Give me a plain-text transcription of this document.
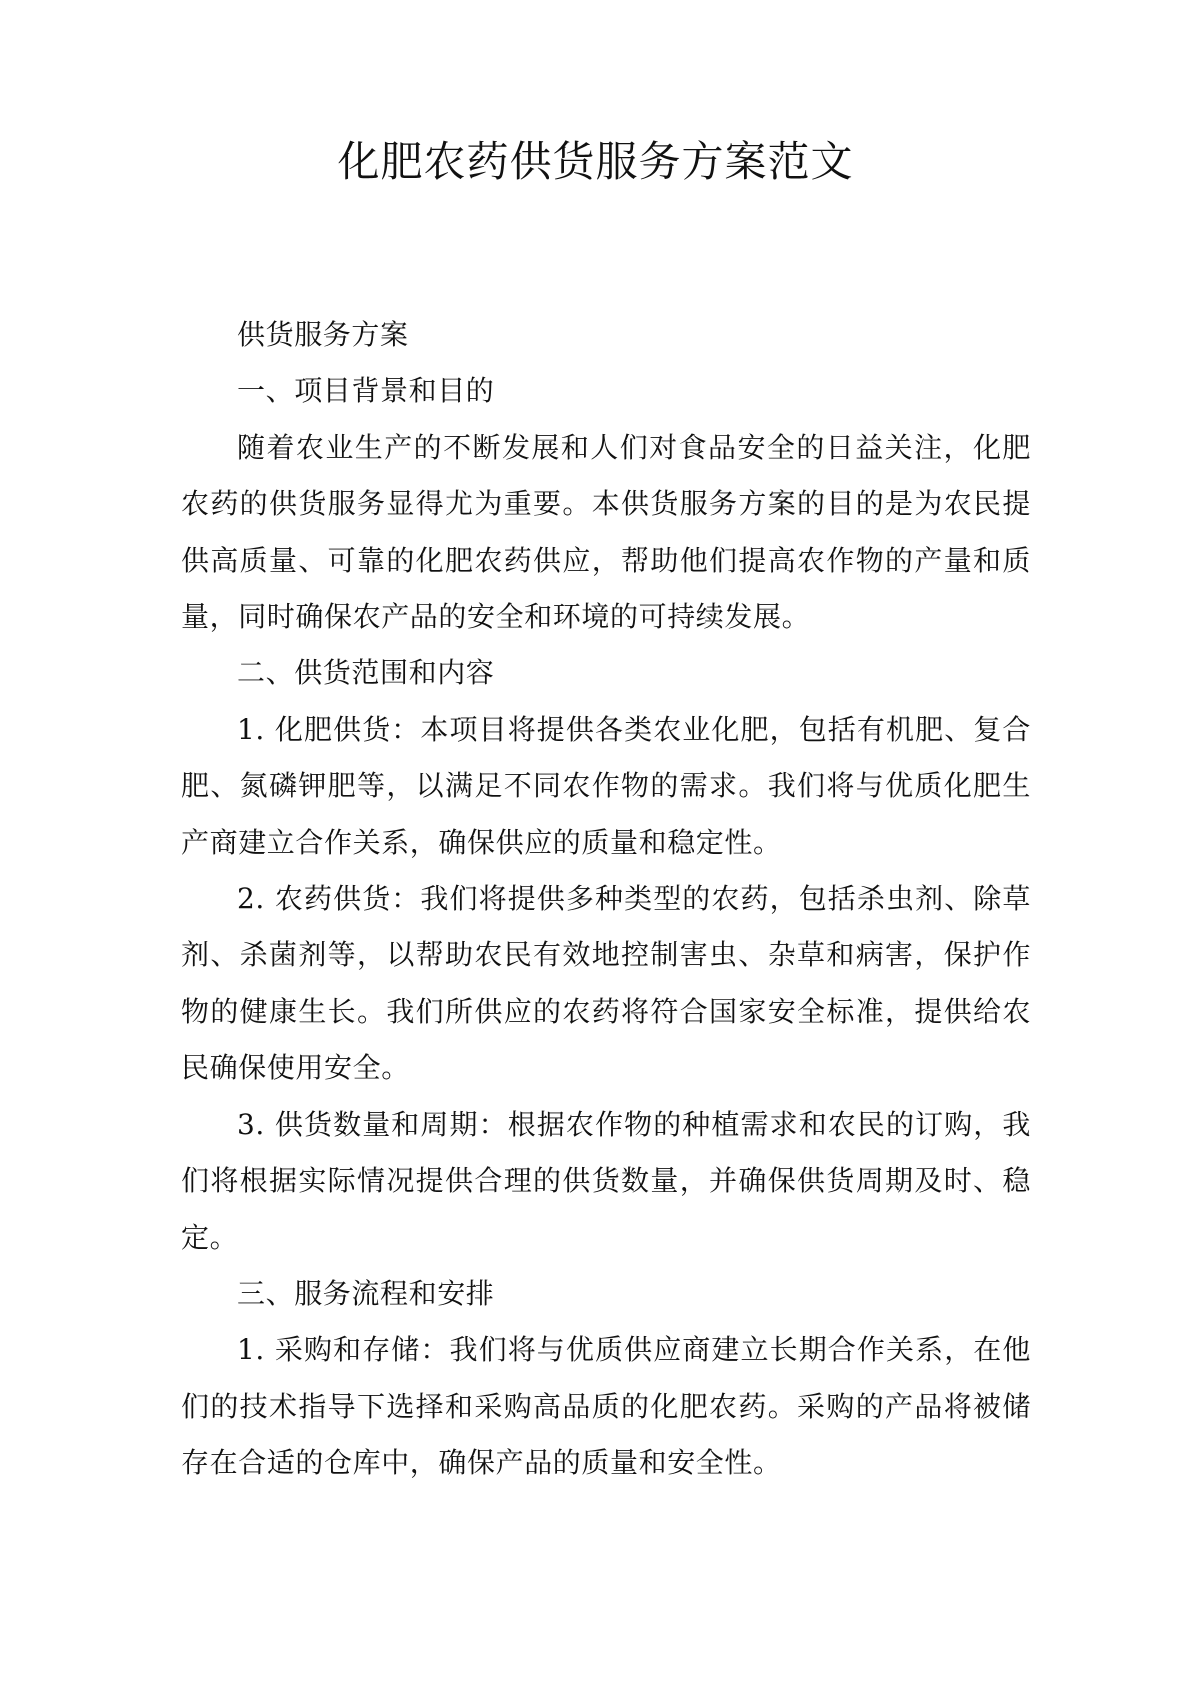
化肥农药供货服务方案范文

供货服务方案

一、项目背景和目的

随着农业生产的不断发展和人们对食品安全的日益关注，化肥农药的供货服务显得尤为重要。本供货服务方案的目的是为农民提供高质量、可靠的化肥农药供应，帮助他们提高农作物的产量和质量，同时确保农产品的安全和环境的可持续发展。

二、供货范围和内容

1. 化肥供货：本项目将提供各类农业化肥，包括有机肥、复合肥、氮磷钾肥等，以满足不同农作物的需求。我们将与优质化肥生产商建立合作关系，确保供应的质量和稳定性。

2. 农药供货：我们将提供多种类型的农药，包括杀虫剂、除草剂、杀菌剂等，以帮助农民有效地控制害虫、杂草和病害，保护作物的健康生长。我们所供应的农药将符合国家安全标准，提供给农民确保使用安全。

3. 供货数量和周期：根据农作物的种植需求和农民的订购，我们将根据实际情况提供合理的供货数量，并确保供货周期及时、稳定。

三、服务流程和安排

1. 采购和存储：我们将与优质供应商建立长期合作关系，在他们的技术指导下选择和采购高品质的化肥农药。采购的产品将被储存在合适的仓库中，确保产品的质量和安全性。
